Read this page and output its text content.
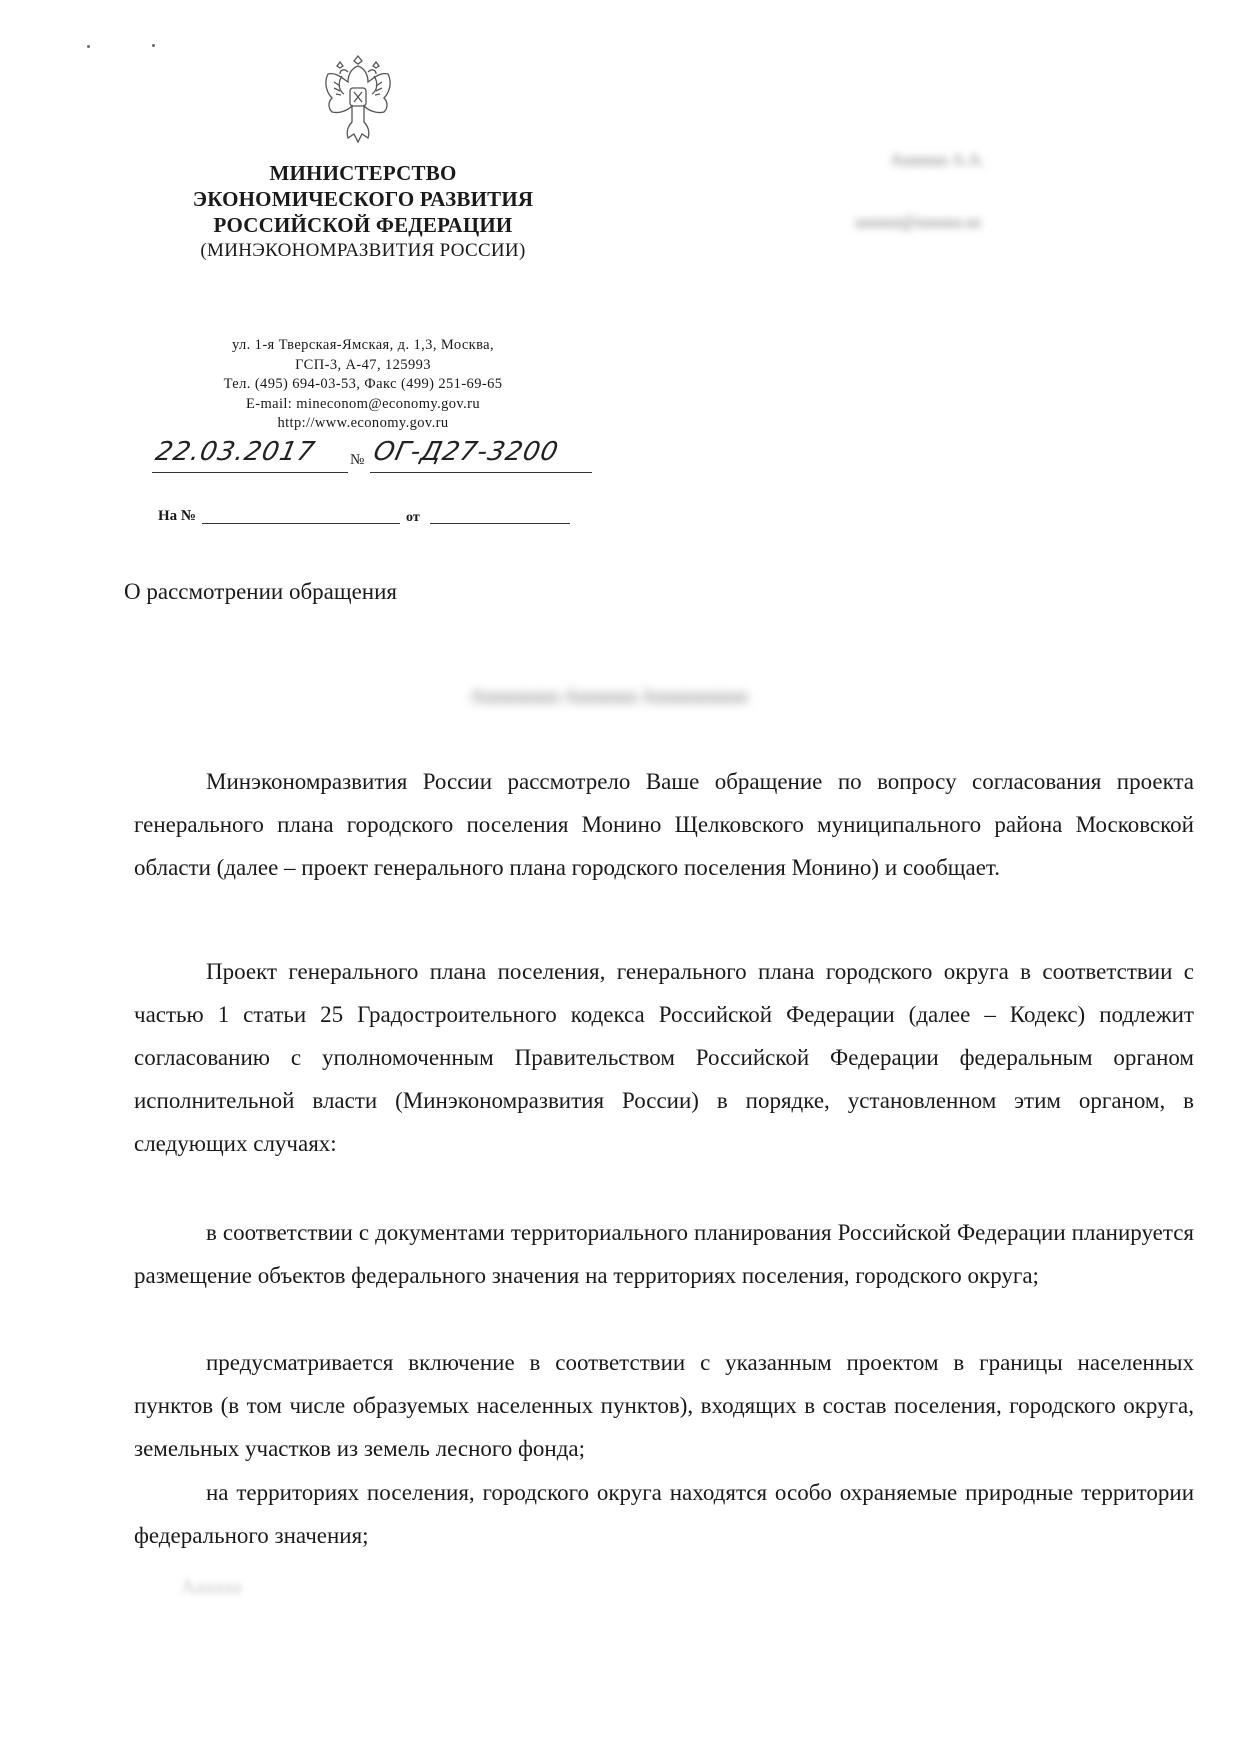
МИНИСТЕРСТВО
ЭКОНОМИЧЕСКОГО РАЗВИТИЯ
РОССИЙСКОЙ ФЕДЕРАЦИИ
(МИНЭКОНОМРАЗВИТИЯ РОССИИ)
ул. 1-я Тверская-Ямская, д. 1,3, Москва,
ГСП-3, А-47, 125993
Тел. (495) 694-03-53, Факс (499) 251-69-65
E-mail: mineconom@economy.gov.ru
http://www.economy.gov.ru
22.03.2017	№ ОГ-Д27-3200
На №	от
Ааааааа А.А.
аааааа@аааааа.аа
Аааааааааа Аааааааа Аааааааааааа
О рассмотрении обращения

Минэкономразвития России рассмотрело Ваше обращение по вопросу согласования проекта генерального плана городского поселения Монино Щелковского муниципального района Московской области (далее – проект генерального плана городского поселения Монино) и сообщает.

Проект генерального плана поселения, генерального плана городского округа в соответствии с частью 1 статьи 25 Градостроительного кодекса Российской Федерации (далее – Кодекс) подлежит согласованию с уполномоченным Правительством Российской Федерации федеральным органом исполнительной власти (Минэкономразвития России) в порядке, установленном этим органом, в следующих случаях:

в соответствии с документами территориального планирования Российской Федерации планируется размещение объектов федерального значения на территориях поселения, городского округа;

предусматривается включение в соответствии с указанным проектом в границы населенных пунктов (в том числе образуемых населенных пунктов), входящих в состав поселения, городского округа, земельных участков из земель лесного фонда;

на территориях поселения, городского округа находятся особо охраняемые природные территории федерального значения;

Аааааа
